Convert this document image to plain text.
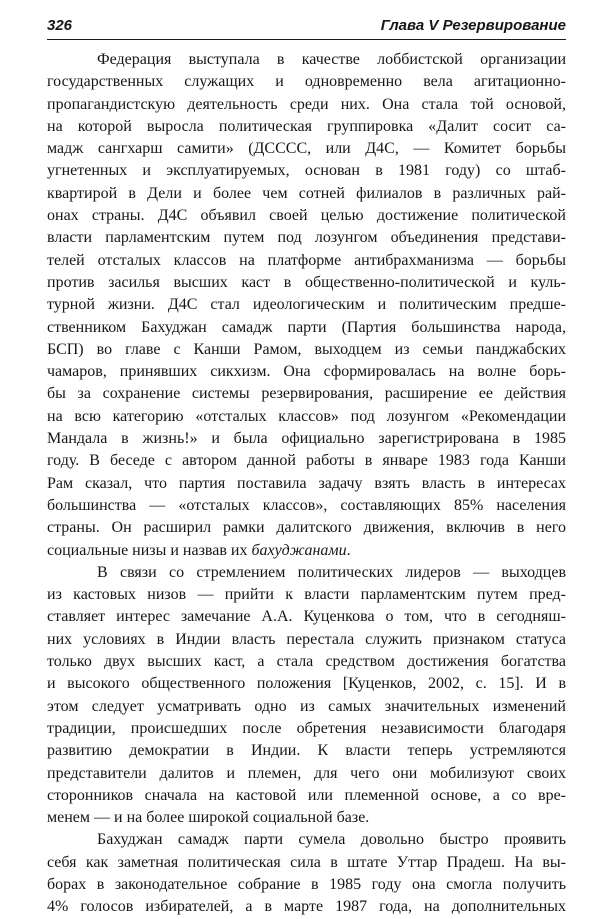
326	Глава V Резервирование
Федерация выступала в качестве лоббистской организации
государственных служащих и одновременно вела агитационно-
пропагандистскую деятельность среди них. Она стала той основой,
на которой выросла политическая группировка «Далит сосит са-
мадж сангхарш самити» (ДСССС, или Д4С, — Комитет борьбы
угнетенных и эксплуатируемых, основан в 1981 году) со штаб-
квартирой в Дели и более чем сотней филиалов в различных рай-
онах страны. Д4С объявил своей целью достижение политической
власти парламентским путем под лозунгом объединения представи-
телей отсталых классов на платформе антибрахманизма — борьбы
против засилья высших каст в общественно-политической и куль-
турной жизни. Д4С стал идеологическим и политическим предше-
ственником Бахуджан самадж парти (Партия большинства народа,
БСП) во главе с Канши Рамом, выходцем из семьи панджабских
чамаров, принявших сикхизм. Она сформировалась на волне борь-
бы за сохранение системы резервирования, расширение ее действия
на всю категорию «отсталых классов» под лозунгом «Рекомендации
Мандала в жизнь!» и была официально зарегистрирована в 1985
году. В беседе с автором данной работы в январе 1983 года Канши
Рам сказал, что партия поставила задачу взять власть в интересах
большинства — «отсталых классов», составляющих 85% населения
страны. Он расширил рамки далитского движения, включив в него
социальные низы и назвав их бахуджанами.
В связи со стремлением политических лидеров — выходцев
из кастовых низов — прийти к власти парламентским путем пред-
ставляет интерес замечание А.А. Куценкова о том, что в сегодняш-
них условиях в Индии власть перестала служить признаком статуса
только двух высших каст, а стала средством достижения богатства
и высокого общественного положения [Куценков, 2002, с. 15]. И в
этом следует усматривать одно из самых значительных изменений
традиции, происшедших после обретения независимости благодаря
развитию демократии в Индии. К власти теперь устремляются
представители далитов и племен, для чего они мобилизуют своих
сторонников сначала на кастовой или племенной основе, а со вре-
менем — и на более широкой социальной базе.
Бахуджан самадж парти сумела довольно быстро проявить
себя как заметная политическая сила в штате Уттар Прадеш. На вы-
борах в законодательное собрание в 1985 году она смогла получить
4% голосов избирателей, а в марте 1987 года, на дополнительных
